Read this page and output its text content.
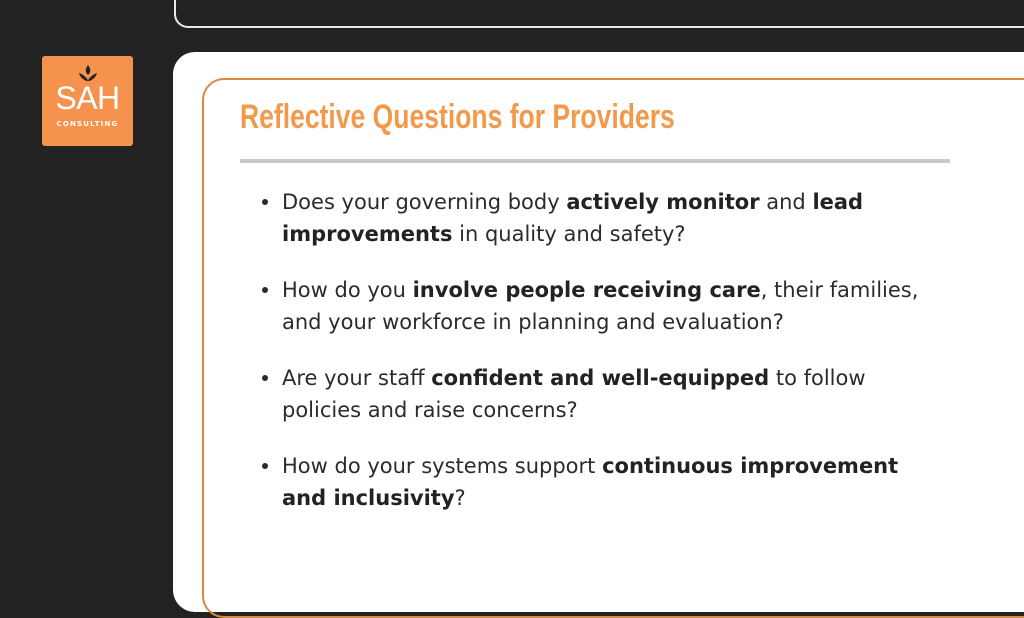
SAH
CONSULTING	Reflective Questions for Providers
Does your governing body actively monitor and lead improvements in quality and safety?
How do you involve people receiving care, their families, and your workforce in planning and evaluation?
Are your staff confident and well-equipped to follow policies and raise concerns?
How do your systems support continuous improvement and inclusivity?
